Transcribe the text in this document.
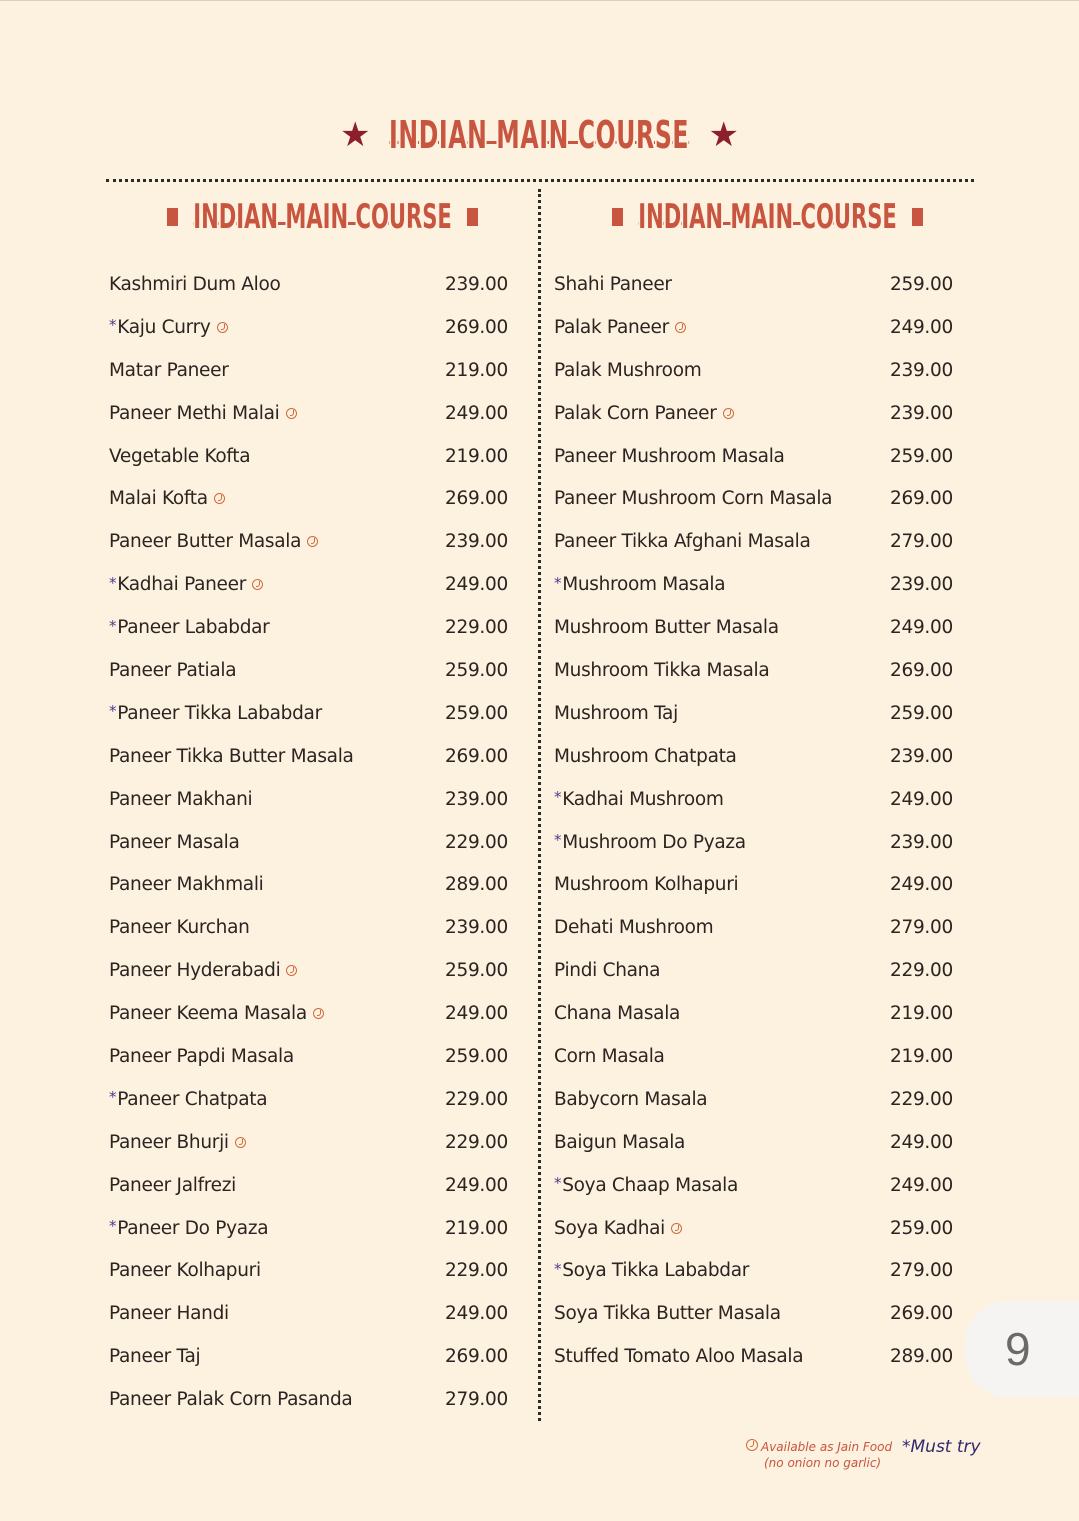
★ INDIAN MAIN COURSE ★
INDIAN MAIN COURSE	INDIAN MAIN COURSE
Kashmiri Dum Aloo	239.00
* Kaju Curry	269.00
Matar Paneer	219.00
Paneer Methi Malai	249.00
Vegetable Kofta	219.00
Malai Kofta	269.00
Paneer Butter Masala	239.00
* Kadhai Paneer	249.00
* Paneer Lababdar	229.00
Paneer Patiala	259.00
* Paneer Tikka Lababdar	259.00
Paneer Tikka Butter Masala	269.00
Paneer Makhani	239.00
Paneer Masala	229.00
Paneer Makhmali	289.00
Paneer Kurchan	239.00
Paneer Hyderabadi	259.00
Paneer Keema Masala	249.00
Paneer Papdi Masala	259.00
* Paneer Chatpata	229.00
Paneer Bhurji	229.00
Paneer Jalfrezi	249.00
* Paneer Do Pyaza	219.00
Paneer Kolhapuri	229.00
Paneer Handi	249.00
Paneer Taj	269.00
Paneer Palak Corn Pasanda	279.00
Shahi Paneer	259.00
Palak Paneer	249.00
Palak Mushroom	239.00
Palak Corn Paneer	239.00
Paneer Mushroom Masala	259.00
Paneer Mushroom Corn Masala	269.00
Paneer Tikka Afghani Masala	279.00
* Mushroom Masala	239.00
Mushroom Butter Masala	249.00
Mushroom Tikka Masala	269.00
Mushroom Taj	259.00
Mushroom Chatpata	239.00
* Kadhai Mushroom	249.00
* Mushroom Do Pyaza	239.00
Mushroom Kolhapuri	249.00
Dehati Mushroom	279.00
Pindi Chana	229.00
Chana Masala	219.00
Corn Masala	219.00
Babycorn Masala	229.00
Baigun Masala	249.00
* Soya Chaap Masala	249.00
Soya Kadhai	259.00
* Soya Tikka Lababdar	279.00
Soya Tikka Butter Masala	269.00
Stuffed Tomato Aloo Masala	289.00
Available as Jain Food
(no onion no garlic)
*Must try
9
